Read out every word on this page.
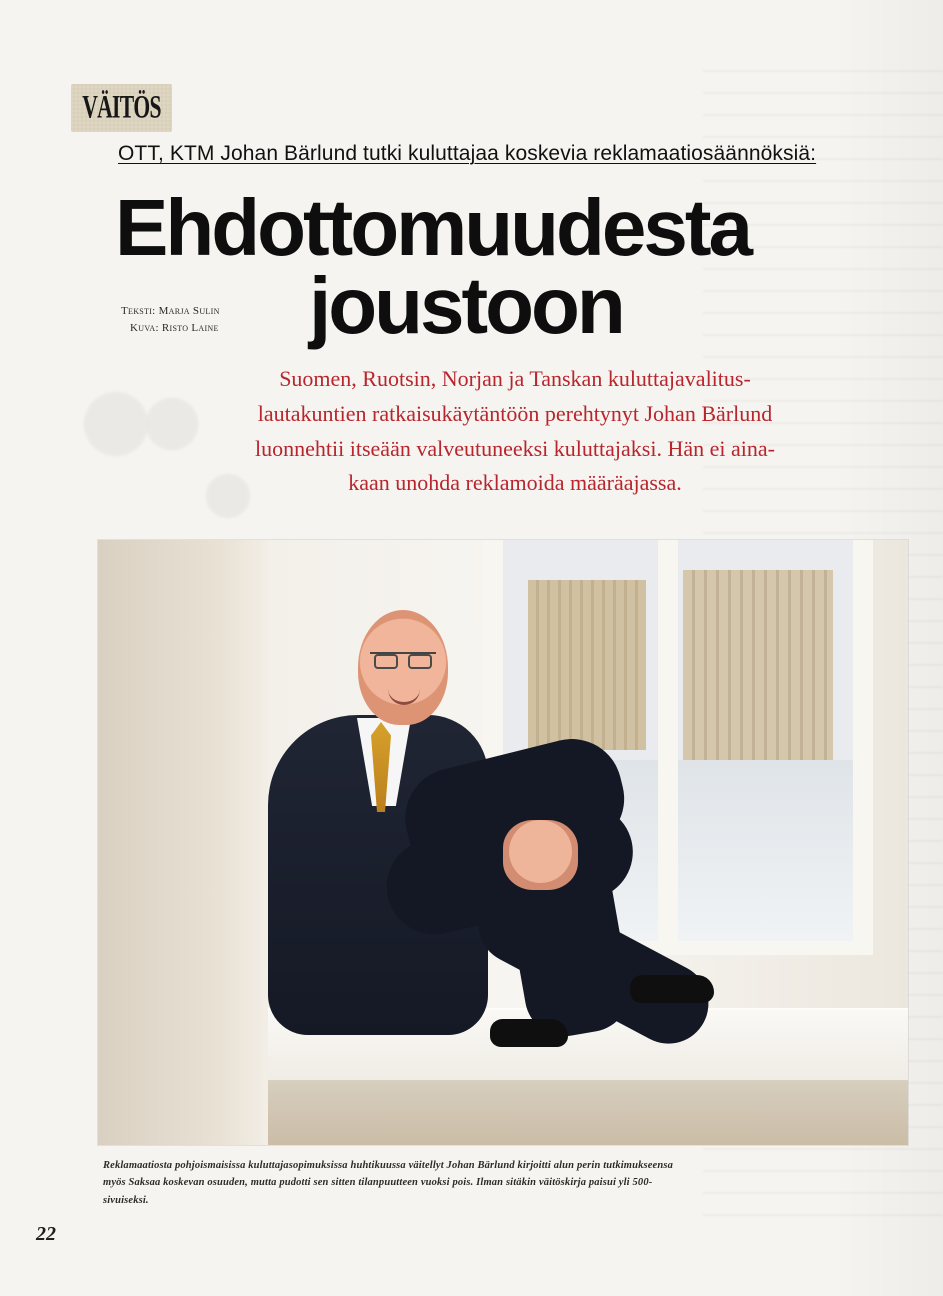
VÄITÖS
OTT, KTM Johan Bärlund tutki kuluttajaa koskevia reklamaatiosäännöksiä:
Ehdottomuudesta
joustoon
Teksti: Marja Sulin
Kuva: Risto Laine
Suomen, Ruotsin, Norjan ja Tanskan kuluttajavalitus-
lautakuntien ratkaisukäytäntöön perehtynyt Johan Bärlund
luonnehtii itseään valveutuneeksi kuluttajaksi. Hän ei aina-
kaan unohda reklamoida määräajassa.
Reklamaatiosta pohjoismaisissa kuluttajasopimuksissa huhtikuussa väitellyt Johan Bärlund kirjoitti alun perin tutkimukseensa
myös Saksaa koskevan osuuden, mutta pudotti sen sitten tilanpuutteen vuoksi pois. Ilman sitäkin väitöskirja paisui yli 500-
sivuiseksi.
22
